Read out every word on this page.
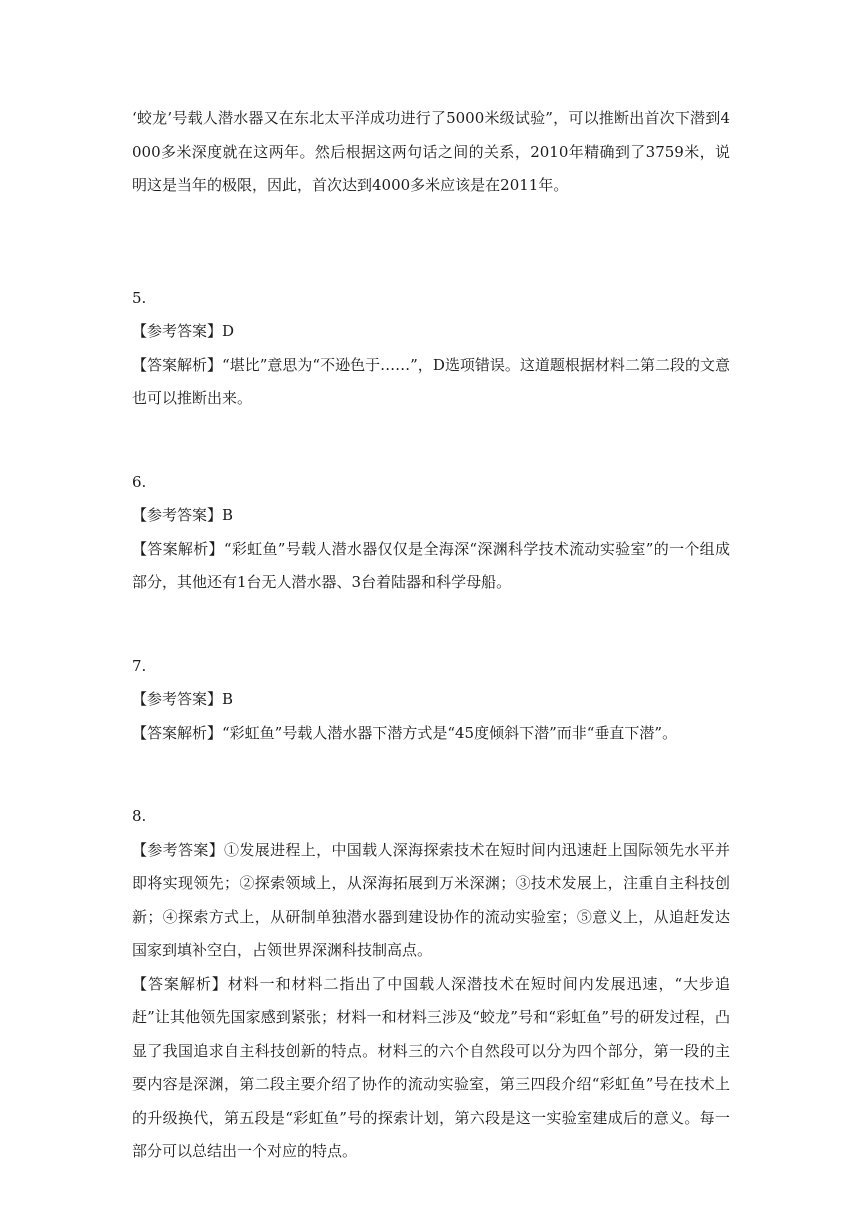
‘蛟龙’号载人潜水器又在东北太平洋成功进行了5000米级试验”，可以推断出首次下潜到4000多米深度就在这两年。然后根据这两句话之间的关系，2010年精确到了3759米，说明这是当年的极限，因此，首次达到4000多米应该是在2011年。

5.

【参考答案】D

【答案解析】“堪比”意思为“不逊色于……”，D选项错误。这道题根据材料二第二段的文意也可以推断出来。

6.

【参考答案】B

【答案解析】“彩虹鱼”号载人潜水器仅仅是全海深“深渊科学技术流动实验室”的一个组成部分，其他还有1台无人潜水器、3台着陆器和科学母船。

7.

【参考答案】B

【答案解析】“彩虹鱼”号载人潜水器下潜方式是“45度倾斜下潜”而非“垂直下潜”。

8.

【参考答案】①发展进程上，中国载人深海探索技术在短时间内迅速赶上国际领先水平并即将实现领先；②探索领域上，从深海拓展到万米深渊；③技术发展上，注重自主科技创新；④探索方式上，从研制单独潜水器到建设协作的流动实验室；⑤意义上，从追赶发达国家到填补空白，占领世界深渊科技制高点。

【答案解析】材料一和材料二指出了中国载人深潜技术在短时间内发展迅速，“大步追赶”让其他领先国家感到紧张；材料一和材料三涉及“蛟龙”号和“彩虹鱼”号的研发过程，凸显了我国追求自主科技创新的特点。材料三的六个自然段可以分为四个部分，第一段的主要内容是深渊，第二段主要介绍了协作的流动实验室，第三四段介绍“彩虹鱼”号在技术上的升级换代，第五段是“彩虹鱼”号的探索计划，第六段是这一实验室建成后的意义。每一部分可以总结出一个对应的特点。
